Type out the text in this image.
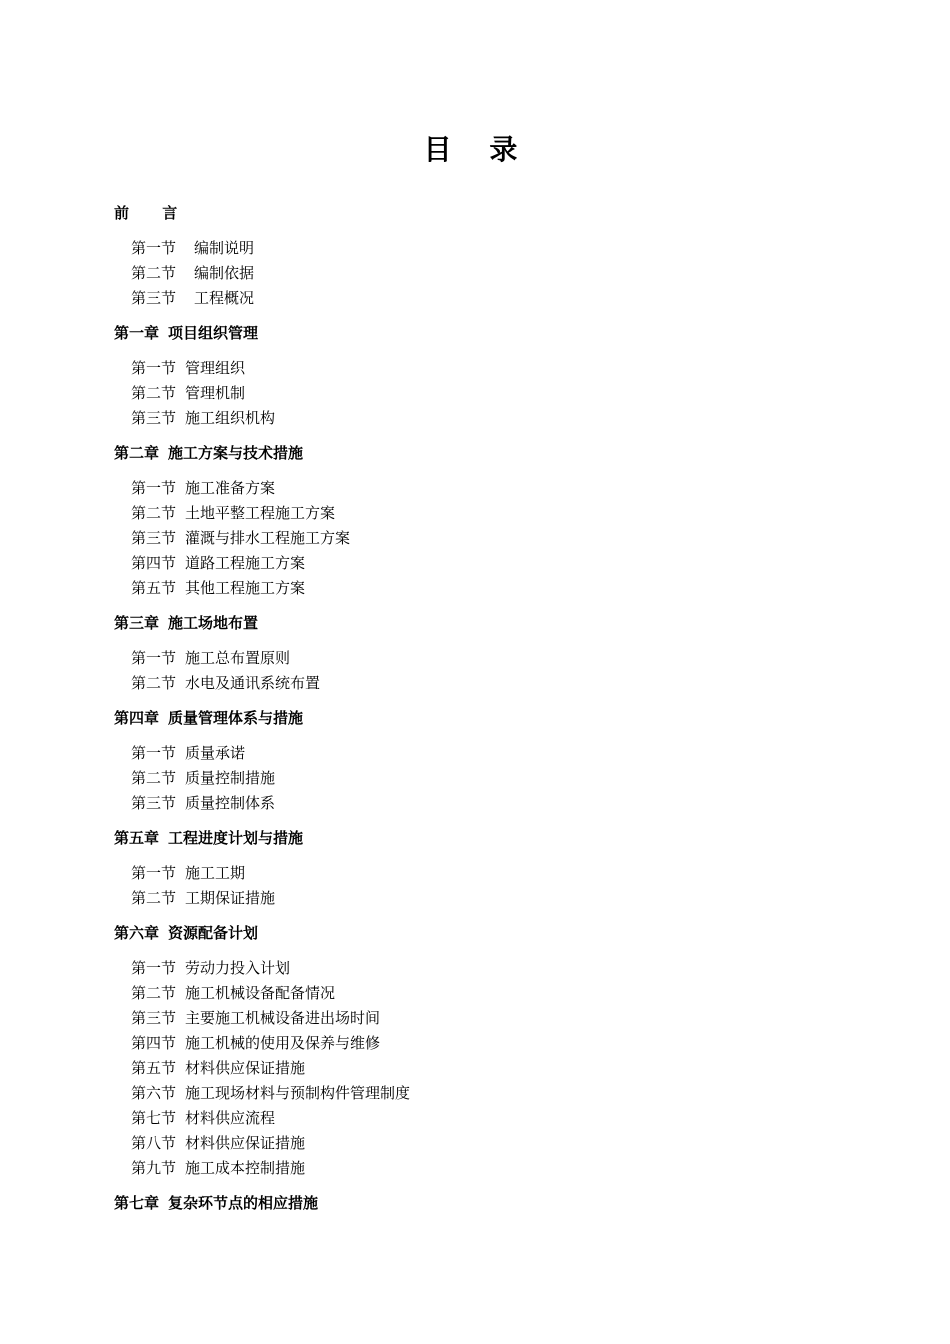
目 录
前 言
第一节 编制说明
第二节 编制依据
第三节 工程概况
第一章 项目组织管理
第一节 管理组织
第二节 管理机制
第三节 施工组织机构
第二章 施工方案与技术措施
第一节 施工准备方案
第二节 土地平整工程施工方案
第三节 灌溉与排水工程施工方案
第四节 道路工程施工方案
第五节 其他工程施工方案
第三章 施工场地布置
第一节 施工总布置原则
第二节 水电及通讯系统布置
第四章 质量管理体系与措施
第一节 质量承诺
第二节 质量控制措施
第三节 质量控制体系
第五章 工程进度计划与措施
第一节 施工工期
第二节 工期保证措施
第六章 资源配备计划
第一节 劳动力投入计划
第二节 施工机械设备配备情况
第三节 主要施工机械设备进出场时间
第四节 施工机械的使用及保养与维修
第五节 材料供应保证措施
第六节 施工现场材料与预制构件管理制度
第七节 材料供应流程
第八节 材料供应保证措施
第九节 施工成本控制措施
第七章 复杂环节点的相应措施
